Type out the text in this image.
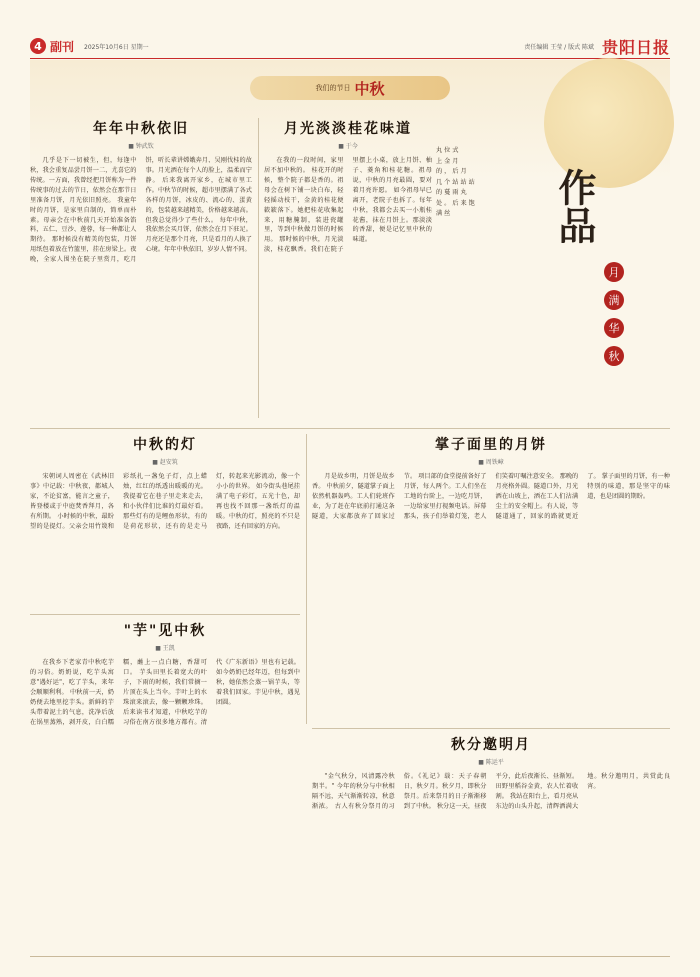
4 副刊 2025年10月6日 星期一	责任编辑 王莹 / 版式 陈斌 贵阳日报
我们的节日 中秋
作品
月
满
华
秋
年年中秋依旧
■ 钟武钦
几乎是下一切被生，但，每逢中秋，我会重复品尝月饼一二，尤喜它的传统。一方面，我曾经把月饼称为一件传统事的过去的节日，依然会在那节日里准备月饼，月光依旧照亮。 我童年时的月饼，是家里自制的，简单而朴素。母亲会在中秋前几天开始准备馅料，五仁、豆沙、莲蓉，每一种都让人期待。 那时候没有精美的包装，月饼用纸包着放在竹篮里，挂在房梁上。夜晚，全家人围坐在院子里赏月，吃月饼，听长辈讲嫦娥奔月、吴刚伐桂的故事。月光洒在每个人的脸上，温柔而宁静。 后来我离开家乡，在城市里工作。中秋节的时候，超市里摆满了各式各样的月饼，冰皮的、流心的、蛋黄的，包装越来越精美，价格越来越高。但我总觉得少了些什么。 每年中秋，我依然会买月饼，依然会在月下驻足。月亮还是那个月亮，只是看月的人换了心境。年年中秋依旧，岁岁人情不同。
月光淡淡桂花味道
■ 于今
在我的一段时间，家里居不加中秋的。 桂花开的时候，整个院子都是香的。祖母会在树下铺一块白布，轻轻摇动枝干，金黄的桂花便簌簌落下。她把桂花收集起来，用糖腌制，装进瓷罐里，等到中秋做月饼的时候用。 那时候的中秋，月光淡淡，桂花飘香。我们在院子里摆上小桌，放上月饼、柚子、菱角和桂花糖。祖母说，中秋的月亮最圆，要对着月亮许愿。 如今祖母早已离开，老院子也拆了。每年中秋，我都会去买一小瓶桂花酱，抹在月饼上。那淡淡的香甜，便是记忆里中秋的味道。
丸 位 式
上 金 月
的 ， 后 月
几 个 站 站 站
的 蔓 雨 丸
处 。 后 来 饱 满 丝
中秋的灯
■ 赵安筑
宋朝词人周密在《武林旧事》中记载：中秋夜，都城人家，不论贫富，能言之童子，皆登楼或于中庭焚香拜月，各有所期。 小时候的中秋，最盼望的是提灯。父亲会用竹篾和彩纸扎一盏兔子灯，点上蜡烛，红红的纸透出暖暖的光。我提着它在巷子里走来走去，和小伙伴们比谁的灯最好看。 那些灯有的是鲤鱼形状，有的是荷花形状，还有的是走马灯，转起来光影流动，像一个小小的世界。 如今街头巷尾挂满了电子彩灯，五光十色，却再也找不回那一盏纸灯的温暖。中秋的灯，照亮的不只是夜路，还有回家的方向。
掌子面里的月饼
■ 周铁嶂
月是故乡明，月饼是故乡香。 中秋前夕，隧道掌子面上依然机器轰鸣。工人们轮班作业，为了赶在年底前打通这条隧道，大家都放弃了回家过节。 项目部的食堂提前备好了月饼，每人两个。工人们坐在工地的台阶上，一边吃月饼，一边给家里打视频电话。屏幕那头，孩子们举着灯笼，老人们笑着叮嘱注意安全。 那晚的月亮格外圆。隧道口外，月光洒在山坡上，洒在工人们沾满尘土的安全帽上。有人说，等隧道通了，回家的路就更近了。 掌子面里的月饼，有一种特别的味道，那是坚守的味道，也是团圆的期盼。
"芋"见中秋
■ 王凯
在我乡下老家青中秋吃芋的习俗。奶奶说，吃芋头寓意"遇好运"，吃了芋头，来年会顺顺利利。 中秋前一天，奶奶便去地里挖芋头。新鲜的芋头带着泥土的气息，洗净后放在锅里蒸熟，剥开皮，白白糯糯，蘸上一点白糖，香甜可口。 芋头田里长着宽大的叶子，下雨的时候，我们常摘一片顶在头上当伞。芋叶上的水珠滚来滚去，像一颗颗珍珠。 后来读书才知道，中秋吃芋的习俗在南方很多地方都有。清代《广东新语》里也有记载。 如今奶奶已经年迈，但每到中秋，她依然会蒸一锅芋头，等着我们回家。芋见中秋，遇见团圆。
秋分邀明月
■ 陈运平
"金气秋分，风清露冷秋期半。" 今年的秋分与中秋相隔不远，天气渐渐转凉，秋意渐浓。 古人有秋分祭月的习俗。《礼记》载：天子春朝日，秋夕月。秋夕月，即秋分祭月。后来祭月的日子渐渐移到了中秋。 秋分这一天，昼夜平分，此后夜渐长、昼渐短。田野里稻谷金黄，农人忙着收割。 我站在阳台上，看月亮从东边的山头升起，清辉洒满大地。秋分邀明月，共赏此良宵。
